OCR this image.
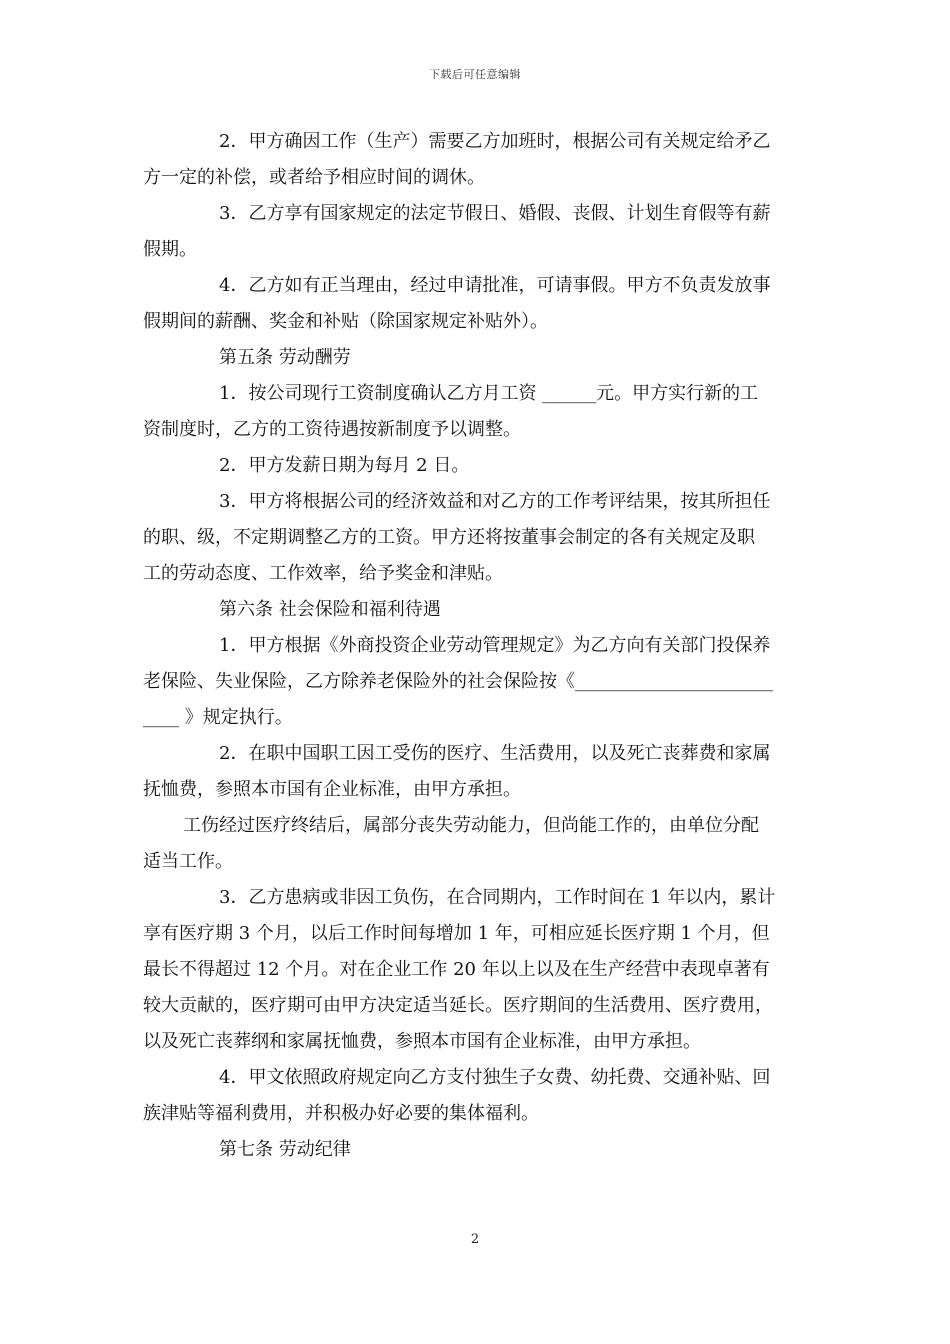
下载后可任意编辑
2．甲方确因工作（生产）需要乙方加班时，根据公司有关规定给矛乙
方一定的补偿，或者给予相应时间的调休。
3．乙方享有国家规定的法定节假日、婚假、丧假、计划生育假等有薪
假期。
4．乙方如有正当理由，经过申请批准，可请事假。甲方不负责发放事
假期间的薪酬、奖金和补贴（除国家规定补贴外）。
第五条 劳动酬劳
1．按公司现行工资制度确认乙方月工资 ______元。甲方实行新的工
资制度时，乙方的工资待遇按新制度予以调整。
2．甲方发薪日期为每月 2 日。
3．甲方将根据公司的经济效益和对乙方的工作考评结果，按其所担任
的职、级，不定期调整乙方的工资。甲方还将按董事会制定的各有关规定及职
工的劳动态度、工作效率，给予奖金和津贴。
第六条 社会保险和福利待遇
1．甲方根据《外商投资企业劳动管理规定》为乙方向有关部门投保养
老保险、失业保险，乙方除养老保险外的社会保险按《______________________
____ 》规定执行。
2．在职中国职工因工受伤的医疗、生活费用，以及死亡丧葬费和家属
抚恤费，参照本市国有企业标准，由甲方承担。
工伤经过医疗终结后，属部分丧失劳动能力，但尚能工作的，由单位分配
适当工作。
3．乙方患病或非因工负伤，在合同期内，工作时间在 1 年以内，累计
享有医疗期 3 个月，以后工作时间每增加 1 年，可相应延长医疗期 1 个月，但
最长不得超过 12 个月。对在企业工作 20 年以上以及在生产经营中表现卓著有
较大贡献的，医疗期可由甲方决定适当延长。医疗期间的生活费用、医疗费用，
以及死亡丧葬纲和家属抚恤费，参照本市国有企业标准，由甲方承担。
4．甲文依照政府规定向乙方支付独生子女费、幼托费、交通补贴、回
族津贴等福利费用，并积极办好必要的集体福利。
第七条 劳动纪律
2
